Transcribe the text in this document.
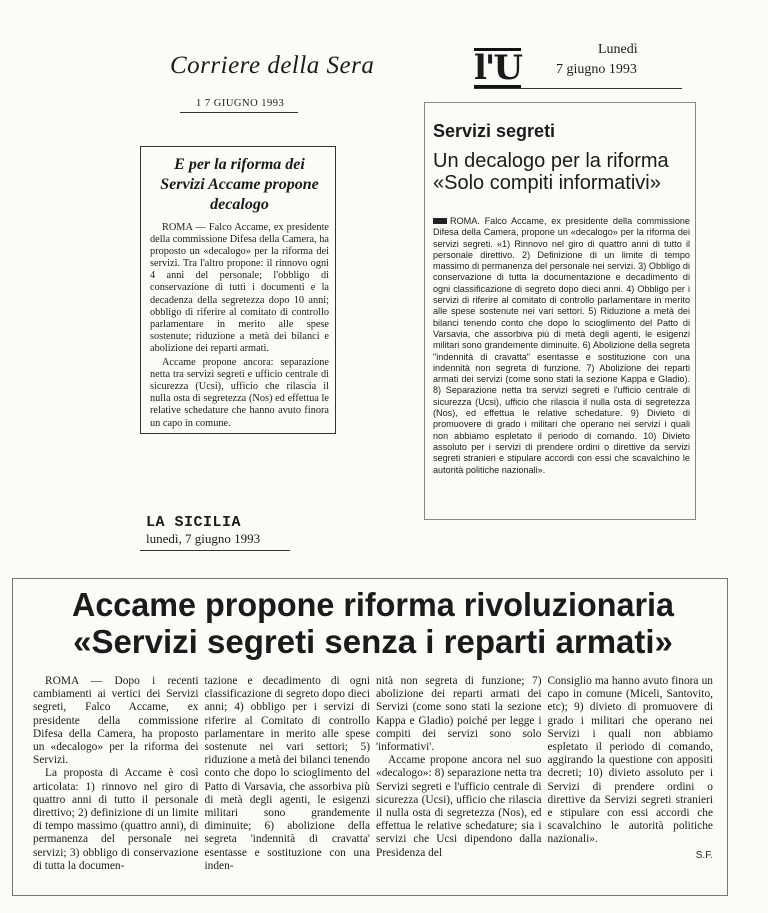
Corriere della Sera
1 7 GIUGNO 1993
E per la riforma dei Servizi Accame propone decalogo

ROMA — Falco Accame, ex presidente della commissione Difesa della Camera, ha proposto un «decalogo» per la riforma dei servizi. Tra l'altro propone: il rinnovo ogni 4 anni del personale; l'obbligo di conservazione di tutti i documenti e la decadenza della segretezza dopo 10 anni; obbligo di riferire al comitato di controllo parlamentare in merito alle spese sostenute; riduzione a metà dei bilanci e abolizione dei reparti armati.

Accame propone ancora: separazione netta tra servizi segreti e ufficio centrale di sicurezza (Ucsi), ufficio che rilascia il nulla osta di segretezza (Nos) ed effettua le relative schedature che hanno avuto finora un capo in comune.

l'U	Lunedì
7 giugno 1993
Servizi segreti
Un decalogo per la riforma
«Solo compiti informativi»
ROMA. Falco Accame, ex presidente della commissione Difesa della Camera, propone un «decalogo» per la riforma dei servizi segreti. «1) Rinnovo nel giro di quattro anni di tutto il personale direttivo. 2) Definizione di un limite di tempo massimo di permanenza del personale nei servizi. 3) Obbligo di conservazione di tutta la documentazione e decadimento di ogni classificazione di segreto dopo dieci anni. 4) Obbligo per i servizi di riferire al comitato di controllo parlamentare in merito alle spese sostenute nei vari settori. 5) Riduzione a metà dei bilanci tenendo conto che dopo lo scioglimento del Patto di Varsavia, che assorbiva più di metà degli agenti, le esigenzi militari sono grandemente diminuite. 6) Abolizione della segreta "indennità di cravatta" esentasse e sostituzione con una indennità non segreta di funzione. 7) Abolizione dei reparti armati dei servizi (come sono stati la sezione Kappa e Gladio). 8) Separazione netta tra servizi segreti e l'ufficio centrale di sicurezza (Ucsi), ufficio che rilascia il nulla osta di segretezza (Nos), ed effettua le relative schedature. 9) Divieto di promuovere di grado i militari che operano nei servizi i quali non abbiamo espletato il periodo di comando. 10) Divieto assoluto per i servizi di prendere ordini o direttive da servizi segreti stranieri e stipulare accordi con essi che scavalchino le autorità politiche nazionali».
LA SICILIA
lunedì, 7 giugno 1993
Accame propone riforma rivoluzionaria
«Servizi segreti senza i reparti armati»

ROMA — Dopo i recenti cambiamenti ai vertici dei Servizi segreti, Falco Accame, ex presidente della commissione Difesa della Camera, ha proposto un «decalogo» per la riforma dei Servizi.

La proposta di Accame è così articolata: 1) rinnovo nel giro di quattro anni di tutto il personale direttivo; 2) definizione di un limite di tempo massimo (quattro anni), di permanenza del personale nei servizi; 3) obbligo di conservazione di tutta la documen-

tazione e decadimento di ogni classificazione di segreto dopo dieci anni; 4) obbligo per i servizi di riferire al Comitato di controllo parlamentare in merito alle spese sostenute nei vari settori; 5) riduzione a metà dei bilanci tenendo conto che dopo lo scioglimento del Patto di Varsavia, che assorbiva più di metà degli agenti, le esigenzi militari sono grandemente diminuite; 6) abolizione della segreta 'indennità di cravatta' esentasse e sostituzione con una inden-

nità non segreta di funzione; 7) abolizione dei reparti armati dei Servizi (come sono stati la sezione Kappa e Gladio) poiché per legge i compiti dei servizi sono solo 'informativi'.

Accame propone ancora nel suo «decalogo»: 8) separazione netta tra Servizi segreti e l'ufficio centrale di sicurezza (Ucsi), ufficio che rilascia il nulla osta di segretezza (Nos), ed effettua le relative schedature; sia i servizi che Ucsi dipendono dalla Presidenza del

Consiglio ma hanno avuto finora un capo in comune (Miceli, Santovito, etc); 9) divieto di promuovere di grado i militari che operano nei Servizi i quali non abbiamo espletato il periodo di comando, aggirando la questione con appositi decreti; 10) divieto assoluto per i Servizi di prendere ordini o direttive da Servizi segreti stranieri e stipulare con essi accordi che scavalchino le autorità politiche nazionali».

S.F.
